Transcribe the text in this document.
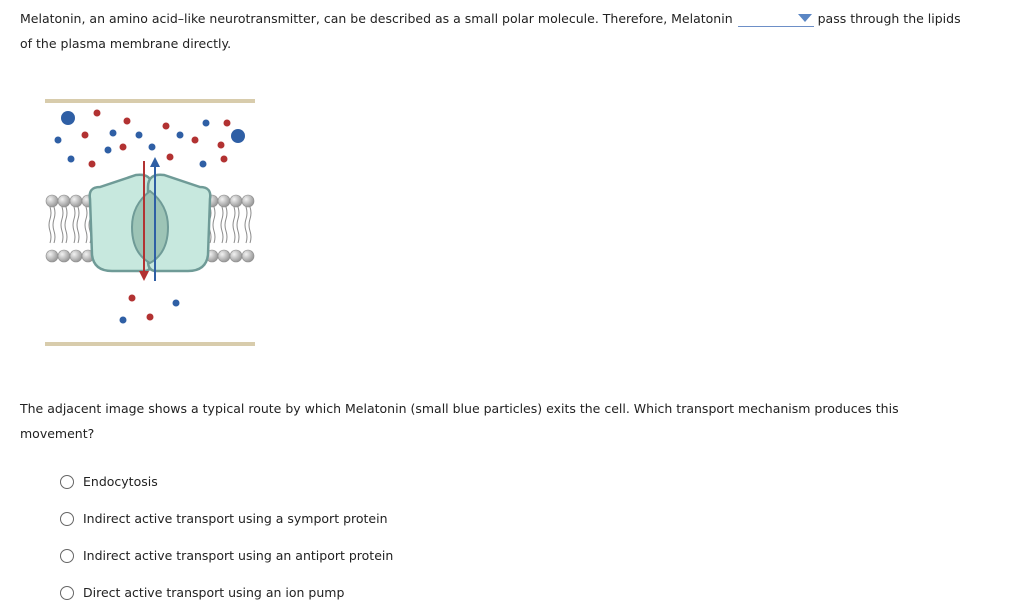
Melatonin, an amino acid–like neurotransmitter, can be described as a small polar molecule. Therefore, Melatonin	pass through the lipids
of the plasma membrane directly.
The adjacent image shows a typical route by which Melatonin (small blue particles) exits the cell. Which transport mechanism produces this movement?
Endocytosis
Indirect active transport using a symport protein
Indirect active transport using an antiport protein
Direct active transport using an ion pump
